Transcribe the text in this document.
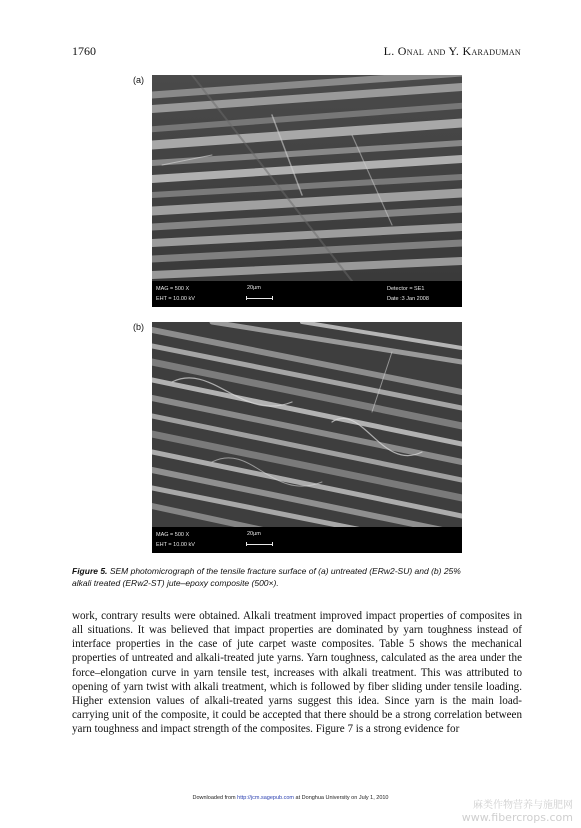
1760	L. Onal and Y. Karaduman
(a)
MAG = 500 X
EHT = 10.00 kV
20µm	Detector = SE1
Date :3 Jan 2008
(b)
MAG = 500 X
EHT = 10.00 kV
20µm
Figure 5. SEM photomicrograph of the tensile fracture surface of (a) untreated (ERw2-SU) and (b) 25% alkali treated (ERw2-ST) jute–epoxy composite (500×).

work, contrary results were obtained. Alkali treatment improved impact properties of composites in all situations. It was believed that impact properties are dominated by yarn toughness instead of interface properties in the case of jute carpet waste composites. Table 5 shows the mechanical properties of untreated and alkali-treated jute yarns. Yarn toughness, calculated as the area under the force–elongation curve in yarn tensile test, increases with alkali treatment. This was attributed to opening of yarn twist with alkali treatment, which is followed by fiber sliding under tensile loading. Higher extension values of alkali-treated yarns suggest this idea. Since yarn is the main load-carrying unit of the composite, it could be accepted that there should be a strong correlation between yarn toughness and impact strength of the composites. Figure 7 is a strong evidence for

Downloaded from http://jcm.sagepub.com at Donghua University on July 1, 2010
麻类作物营养与施肥网
www.fibercrops.com
